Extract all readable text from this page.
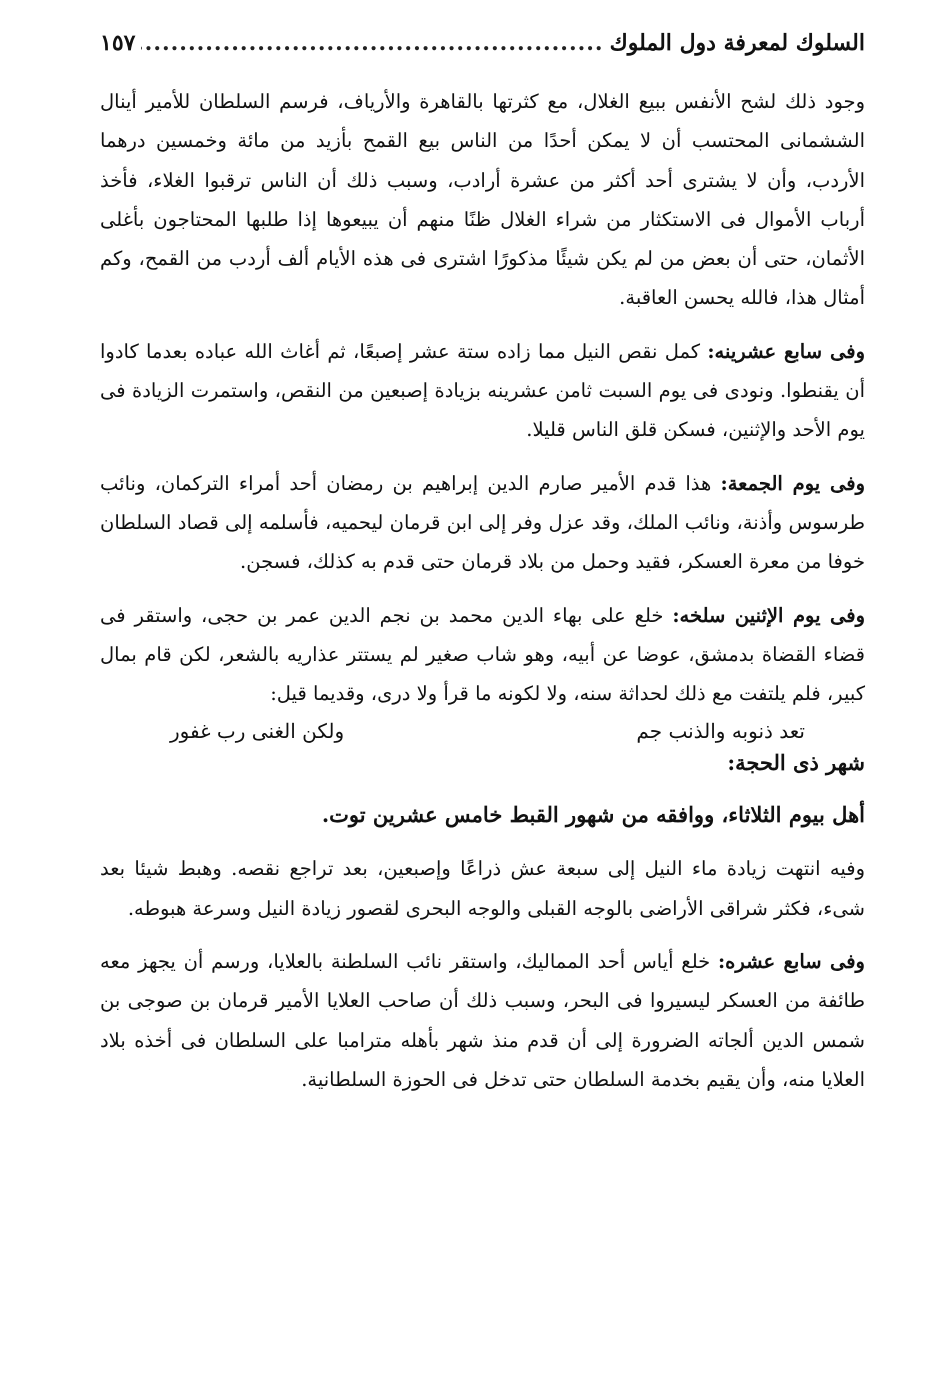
السلوك لمعرفة دول الملوك
.....
١٥٧

وجود ذلك لشح الأنفس ببيع الغلال، مع كثرتها بالقاهرة والأرياف، فرسم السلطان للأمير أينال الششمانى المحتسب أن لا يمكن أحدًا من الناس بيع القمح بأزيد من مائة وخمسين درهما الأردب، وأن لا يشترى أحد أكثر من عشرة أرادب، وسبب ذلك أن الناس ترقبوا الغلاء، فأخذ أرباب الأموال فى الاستكثار من شراء الغلال ظنًا منهم أن يبيعوها إذا طلبها المحتاجون بأغلى الأثمان، حتى أن بعض من لم يكن شيئًا مذكورًا اشترى فى هذه الأيام ألف أردب من القمح، وكم أمثال هذا، فالله يحسن العاقبة.

وفى سابع عشرينه: كمل نقص النيل مما زاده ستة عشر إصبعًا، ثم أغاث الله عباده بعدما كادوا أن يقنطوا. ونودى فى يوم السبت ثامن عشرينه بزيادة إصبعين من النقص، واستمرت الزيادة فى يوم الأحد والإثنين، فسكن قلق الناس قليلا.

وفى يوم الجمعة: هذا قدم الأمير صارم الدين إبراهيم بن رمضان أحد أمراء التركمان، ونائب طرسوس وأذنة، ونائب الملك، وقد عزل وفر إلى ابن قرمان ليحميه، فأسلمه إلى قصاد السلطان خوفا من معرة العسكر، فقيد وحمل من بلاد قرمان حتى قدم به كذلك، فسجن.

وفى يوم الإثنين سلخه: خلع على بهاء الدين محمد بن نجم الدين عمر بن حجى، واستقر فى قضاء القضاة بدمشق، عوضا عن أبيه، وهو شاب صغير لم يستتر عذاريه بالشعر، لكن قام بمال كبير، فلم يلتفت مع ذلك لحداثة سنه، ولا لكونه ما قرأ ولا درى، وقديما قيل:

تعد ذنوبه والذنب جم
ولكن الغنى رب غفور
شهر ذى الحجة:
أهل بيوم الثلاثاء، ووافقه من شهور القبط خامس عشرين توت.

وفيه انتهت زيادة ماء النيل إلى سبعة عش ذراعًا وإصبعين، بعد تراجع نقصه. وهبط شيئا بعد شىء، فكثر شراقى الأراضى بالوجه القبلى والوجه البحرى لقصور زيادة النيل وسرعة هبوطه.

وفى سابع عشره: خلع أياس أحد المماليك، واستقر نائب السلطنة بالعلايا، ورسم أن يجهز معه طائفة من العسكر ليسيروا فى البحر، وسبب ذلك أن صاحب العلايا الأمير قرمان بن صوجى بن شمس الدين ألجاته الضرورة إلى أن قدم منذ شهر بأهله مترامبا على السلطان فى أخذه بلاد العلايا منه، وأن يقيم بخدمة السلطان حتى تدخل فى الحوزة السلطانية.
